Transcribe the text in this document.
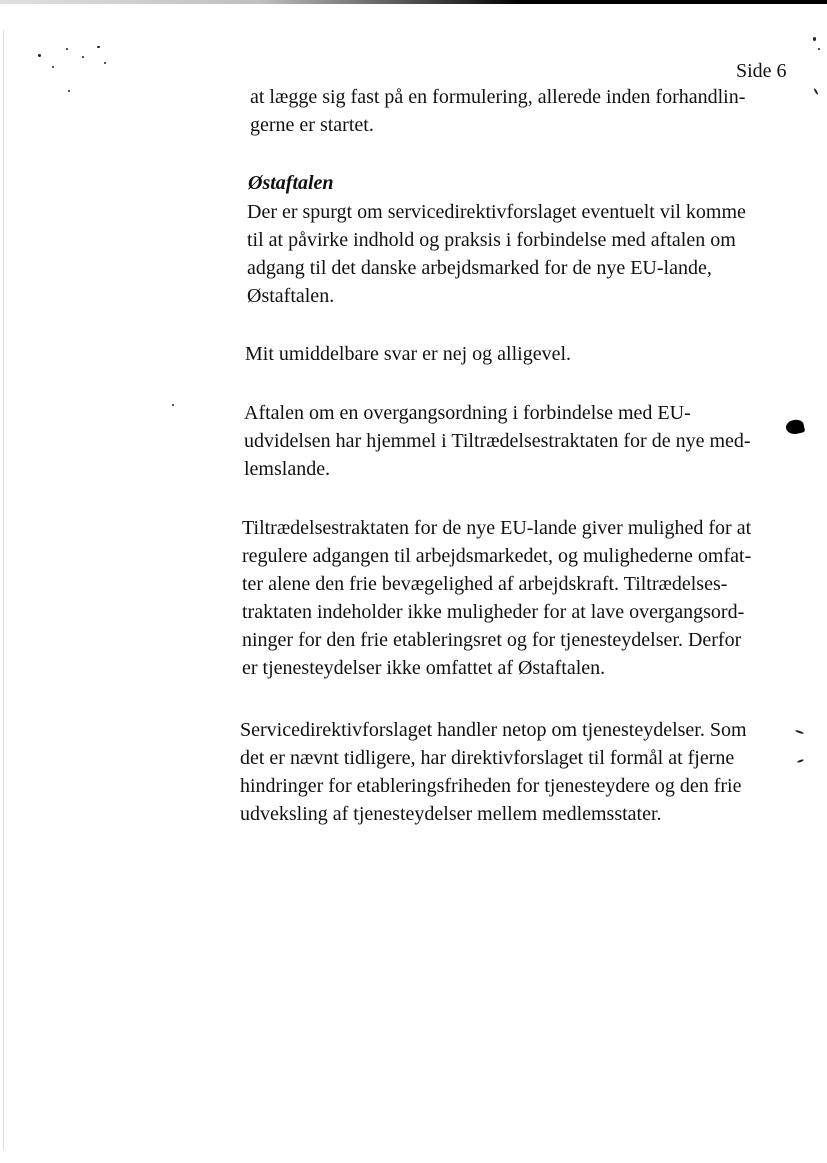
Side 6

at lægge sig fast på en formulering, allerede inden forhandlin-
gerne er startet.

Østaftalen

Der er spurgt om servicedirektivforslaget eventuelt vil komme
til at påvirke indhold og praksis i forbindelse med aftalen om
adgang til det danske arbejdsmarked for de nye EU-lande,
Østaftalen.

Mit umiddelbare svar er nej og alligevel.

Aftalen om en overgangsordning i forbindelse med EU-
udvidelsen har hjemmel i Tiltrædelsestraktaten for de nye med-
lemslande.

Tiltrædelsestraktaten for de nye EU-lande giver mulighed for at
regulere adgangen til arbejdsmarkedet, og mulighederne omfat-
ter alene den frie bevægelighed af arbejdskraft. Tiltrædelses-
traktaten indeholder ikke muligheder for at lave overgangsord-
ninger for den frie etableringsret og for tjenesteydelser. Derfor
er tjenesteydelser ikke omfattet af Østaftalen.

Servicedirektivforslaget handler netop om tjenesteydelser. Som
det er nævnt tidligere, har direktivforslaget til formål at fjerne
hindringer for etableringsfriheden for tjenesteydere og den frie
udveksling af tjenesteydelser mellem medlemsstater.
